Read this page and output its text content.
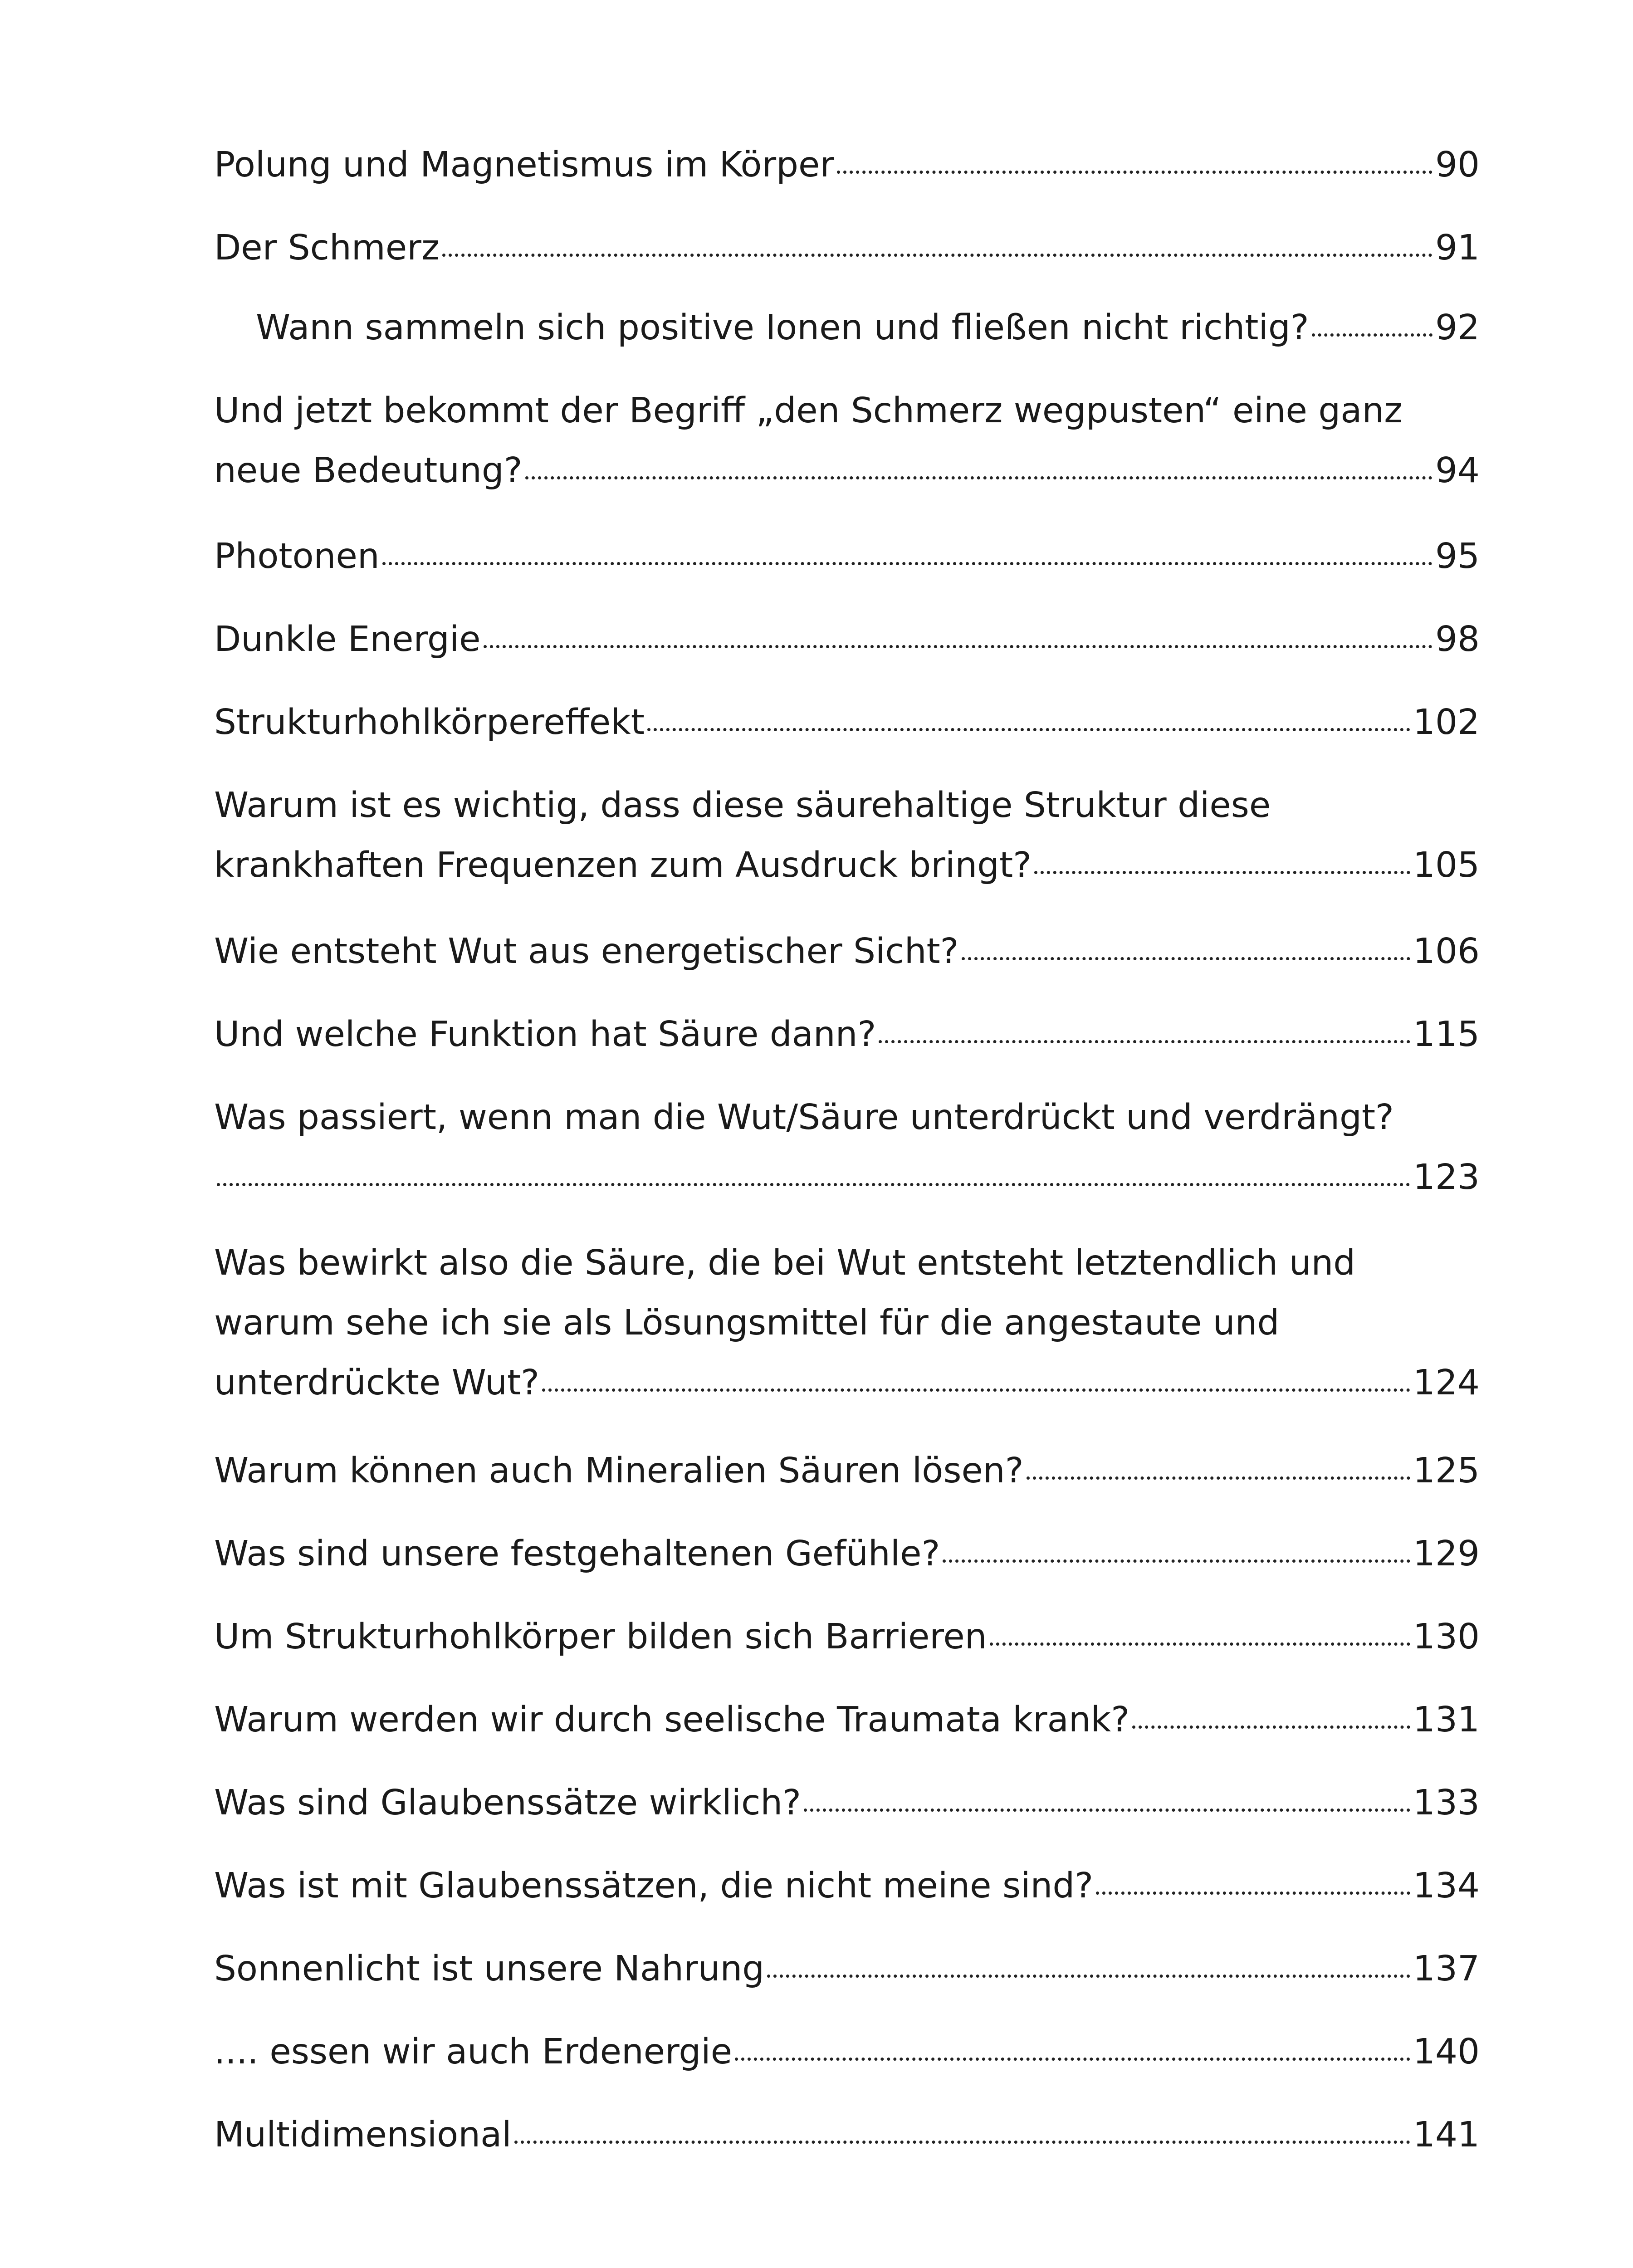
Polung und Magnetismus im Körper	90
Der Schmerz	91
Wann sammeln sich positive Ionen und fließen nicht richtig?	92
Und jetzt bekommt der Begriff „den Schmerz wegpusten“ eine ganz
neue Bedeutung?	94
Photonen	95
Dunkle Energie	98
Strukturhohlkörpereffekt	102
Warum ist es wichtig, dass diese säurehaltige Struktur diese
krankhaften Frequenzen zum Ausdruck bringt?	105
Wie entsteht Wut aus energetischer Sicht?	106
Und welche Funktion hat Säure dann?	115
Was passiert, wenn man die Wut/Säure unterdrückt und verdrängt?
123
Was bewirkt also die Säure, die bei Wut entsteht letztendlich und
warum sehe ich sie als Lösungsmittel für die angestaute und
unterdrückte Wut?	124
Warum können auch Mineralien Säuren lösen?	125
Was sind unsere festgehaltenen Gefühle?	129
Um Strukturhohlkörper bilden sich Barrieren	130
Warum werden wir durch seelische Traumata krank?	131
Was sind Glaubenssätze wirklich?	133
Was ist mit Glaubenssätzen, die nicht meine sind?	134
Sonnenlicht ist unsere Nahrung	137
.... essen wir auch Erdenergie	140
Multidimensional	141
